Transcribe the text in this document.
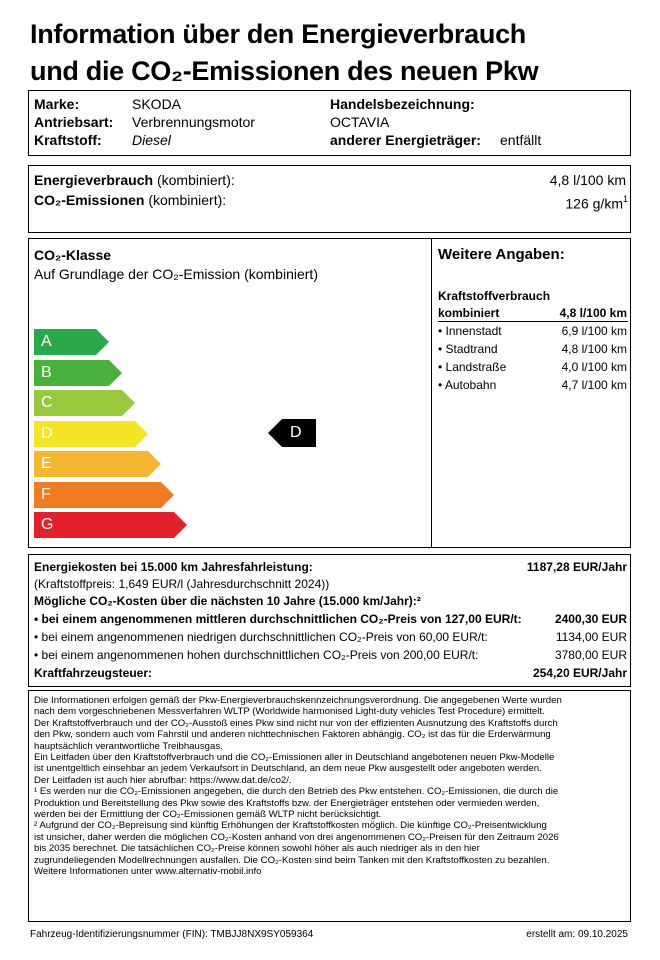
Information über den Energieverbrauch
und die CO₂-Emissionen des neuen Pkw
Marke:	SKODA
Antriebsart: Verbrennungsmotor
Kraftstoff: Diesel
Handelsbezeichnung:
OCTAVIA
anderer Energieträger: entfällt
Energieverbrauch (kombiniert):	4,8 l/100 km
CO₂-Emissionen (kombiniert):	126 $g/km^1$
CO₂-Klasse
Auf Grundlage der CO₂-Emission (kombiniert)
A
B
C
D
E
F
G
D
Weitere Angaben:
Kraftstoffverbrauch
kombiniert	4,8 l/100 km
• Innenstadt	6,9 l/100 km
• Stadtrand	4,8 l/100 km
• Landstraße	4,0 l/100 km
• Autobahn	4,7 l/100 km
Energiekosten bei 15.000 km Jahresfahrleistung:	1187,28 EUR/Jahr
(Kraftstoffpreis: 1,649 EUR/l (Jahresdurchschnitt 2024))
Mögliche CO₂-Kosten über die nächsten 10 Jahre (15.000 km/Jahr):²
• bei einem angenommenen mittleren durchschnittlichen CO₂-Preis von 127,00 EUR/t:	2400,30 EUR
• bei einem angenommenen niedrigen durchschnittlichen CO₂-Preis von 60,00 EUR/t:	1134,00 EUR
• bei einem angenommenen hohen durchschnittlichen CO₂-Preis von 200,00 EUR/t:	3780,00 EUR
Kraftfahrzeugsteuer:	254,20 EUR/Jahr
Die Informationen erfolgen gemäß der Pkw-Energieverbrauchskennzeichnungsverordnung. Die angegebenen Werte wurden
nach dem vorgeschriebenen Messverfahren WLTP (Worldwide harmonised Light-duty vehicles Test Procedure) ermittelt.
Der Kraftstoffverbrauch und der CO₂-Ausstoß eines Pkw sind nicht nur von der effizienten Ausnutzung des Kraftstoffs durch
den Pkw, sondern auch vom Fahrstil und anderen nichttechnischen Faktoren abhängig. CO₂ ist das für die Erderwärmung
hauptsächlich verantwortliche Treibhausgas.
Ein Leitfaden über den Kraftstoffverbrauch und die CO₂-Emissionen aller in Deutschland angebotenen neuen Pkw-Modelle
ist unentgeltlich einsehbar an jedem Verkaufsort in Deutschland, an dem neue Pkw ausgestellt oder angeboten werden.
Der Leitfaden ist auch hier abrufbar: https://www.dat.de/co2/.
¹ Es werden nur die CO₂-Emissionen angegeben, die durch den Betrieb des Pkw entstehen. CO₂-Emissionen, die durch die
Produktion und Bereitstellung des Pkw sowie des Kraftstoffs bzw. der Energieträger entstehen oder vermieden werden,
werden bei der Ermittlung der CO₂-Emissionen gemäß WLTP nicht berücksichtigt.
² Aufgrund der CO₂-Bepreisung sind künftig Erhöhungen der Kraftstoffkosten möglich. Die künftige CO₂-Preisentwicklung
ist unsicher, daher werden die möglichen CO₂-Kosten anhand von drei angenommenen CO₂-Preisen für den Zeitraum 2026
bis 2035 berechnet. Die tatsächlichen CO₂-Preise können sowohl höher als auch niedriger als in den hier
zugrundeliegenden Modellrechnungen ausfallen. Die CO₂-Kosten sind beim Tanken mit den Kraftstoffkosten zu bezahlen.
Weitere Informationen unter www.alternativ-mobil.info
Fahrzeug-Identifizierungsnummer (FIN): TMBJJ8NX9SY059364	erstellt am: 09.10.2025
